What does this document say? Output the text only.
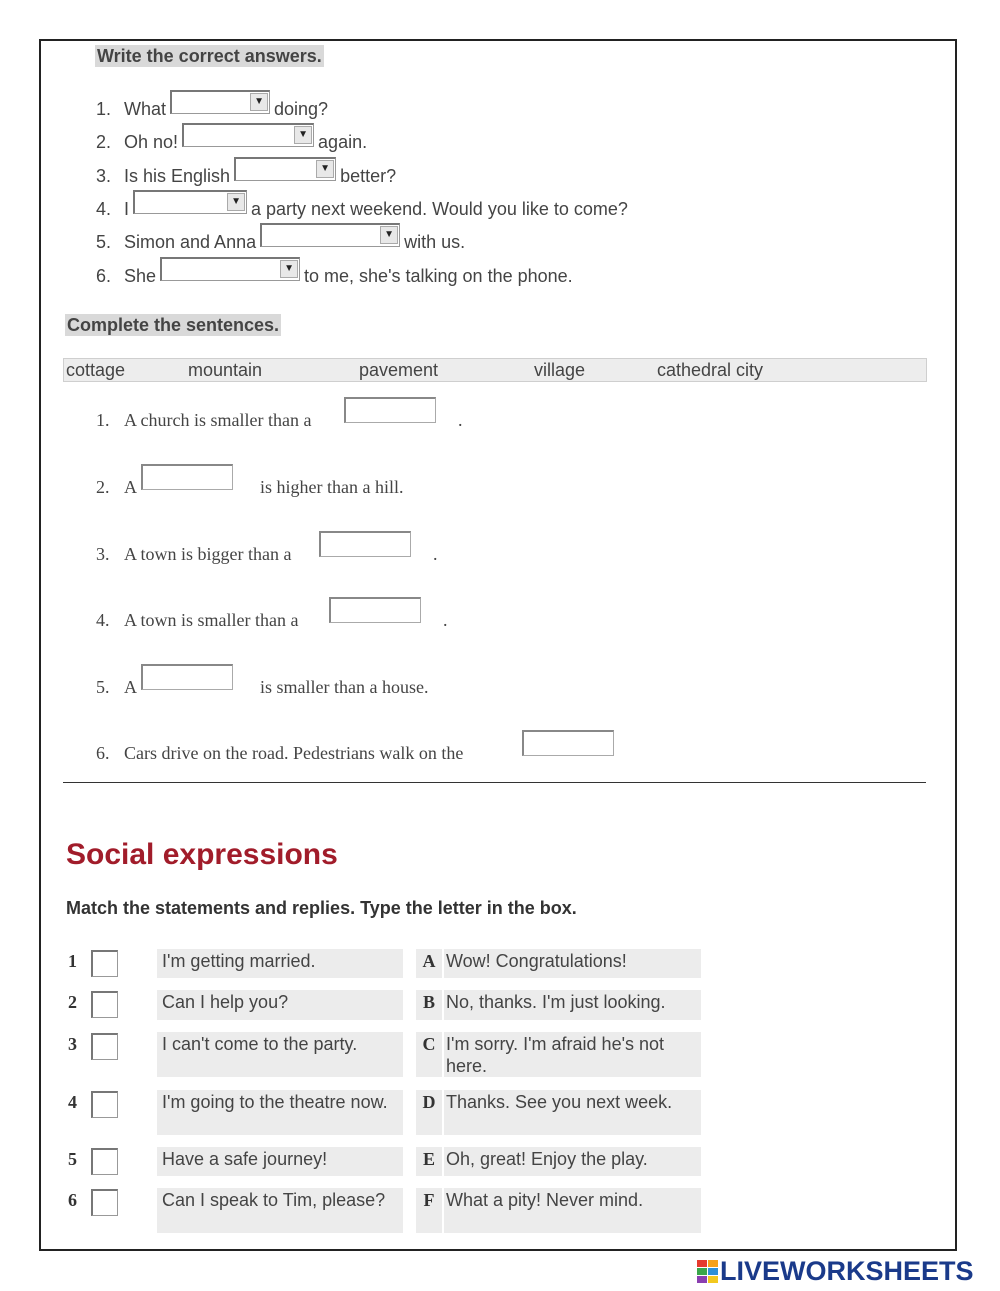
Write the correct answers.
1. What	▼ doing?
2. Oh no!	▼ again.
3. Is his English	▼ better?
4. I	▼ a party next weekend. Would you like to come?
5. Simon and Anna	▼ with us.
6. She	▼ to me, she's talking on the phone.
Complete the sentences.
cottage	mountain	pavement	village	cathedral city
1. A church is smaller than a	.
2. A	is higher than a hill.
3. A town is bigger than a	.
4. A town is smaller than a	.
5. A	is smaller than a house.
6. Cars drive on the road. Pedestrians walk on the
Social expressions
Match the statements and replies. Type the letter in the box.
1	I'm getting married.	A Wow! Congratulations!
2	Can I help you?	B No, thanks. I'm just looking.
3	I can't come to the party.	C I'm sorry. I'm afraid he's not here.
4	I'm going to the theatre now.	D Thanks. See you next week.
5	Have a safe journey!	E Oh, great! Enjoy the play.
6	Can I speak to Tim, please?	F What a pity! Never mind.
LIVEWORKSHEETS
